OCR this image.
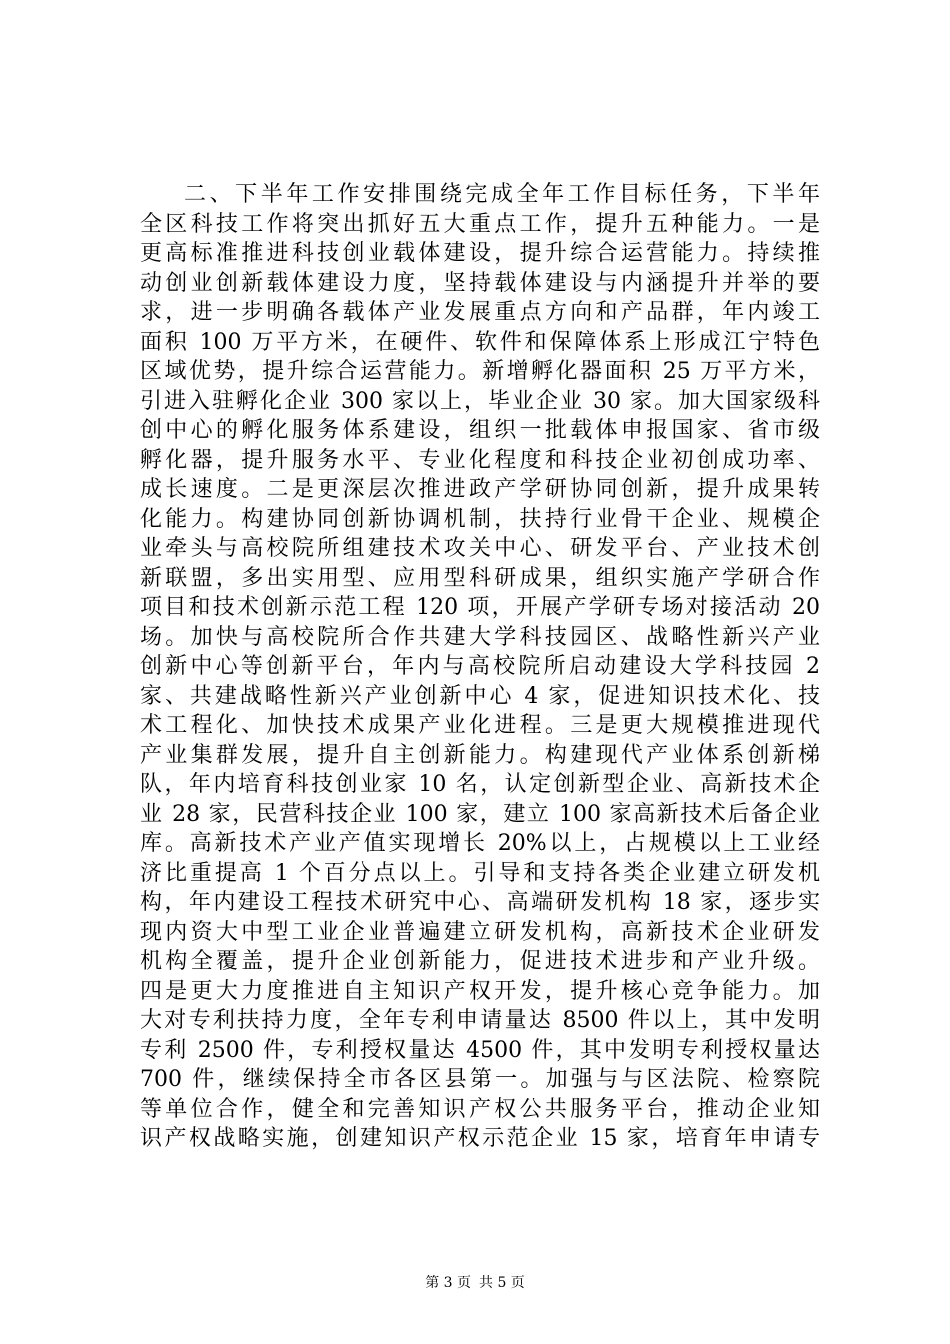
二、下半年工作安排围绕完成全年工作目标任务，下半年
全区科技工作将突出抓好五大重点工作，提升五种能力。一是
更高标准推进科技创业载体建设，提升综合运营能力。持续推
动创业创新载体建设力度，坚持载体建设与内涵提升并举的要
求，进一步明确各载体产业发展重点方向和产品群，年内竣工
面积 100 万平方米，在硬件、软件和保障体系上形成江宁特色
区域优势，提升综合运营能力。新增孵化器面积 25 万平方米，
引进入驻孵化企业 300 家以上，毕业企业 30 家。加大国家级科
创中心的孵化服务体系建设，组织一批载体申报国家、省市级
孵化器，提升服务水平、专业化程度和科技企业初创成功率、
成长速度。二是更深层次推进政产学研协同创新，提升成果转
化能力。构建协同创新协调机制，扶持行业骨干企业、规模企
业牵头与高校院所组建技术攻关中心、研发平台、产业技术创
新联盟，多出实用型、应用型科研成果，组织实施产学研合作
项目和技术创新示范工程 120 项，开展产学研专场对接活动 20
场。加快与高校院所合作共建大学科技园区、战略性新兴产业
创新中心等创新平台，年内与高校院所启动建设大学科技园 2
家、共建战略性新兴产业创新中心 4 家，促进知识技术化、技
术工程化、加快技术成果产业化进程。三是更大规模推进现代
产业集群发展，提升自主创新能力。构建现代产业体系创新梯
队，年内培育科技创业家 10 名，认定创新型企业、高新技术企
业 28 家，民营科技企业 100 家，建立 100 家高新技术后备企业
库。高新技术产业产值实现增长 20%以上，占规模以上工业经
济比重提高 1 个百分点以上。引导和支持各类企业建立研发机
构，年内建设工程技术研究中心、高端研发机构 18 家，逐步实
现内资大中型工业企业普遍建立研发机构，高新技术企业研发
机构全覆盖，提升企业创新能力，促进技术进步和产业升级。
四是更大力度推进自主知识产权开发，提升核心竞争能力。加
大对专利扶持力度，全年专利申请量达 8500 件以上，其中发明
专利 2500 件，专利授权量达 4500 件，其中发明专利授权量达
700 件，继续保持全市各区县第一。加强与与区法院、检察院
等单位合作，健全和完善知识产权公共服务平台，推动企业知
识产权战略实施，创建知识产权示范企业 15 家，培育年申请专
第 3 页 共 5 页
